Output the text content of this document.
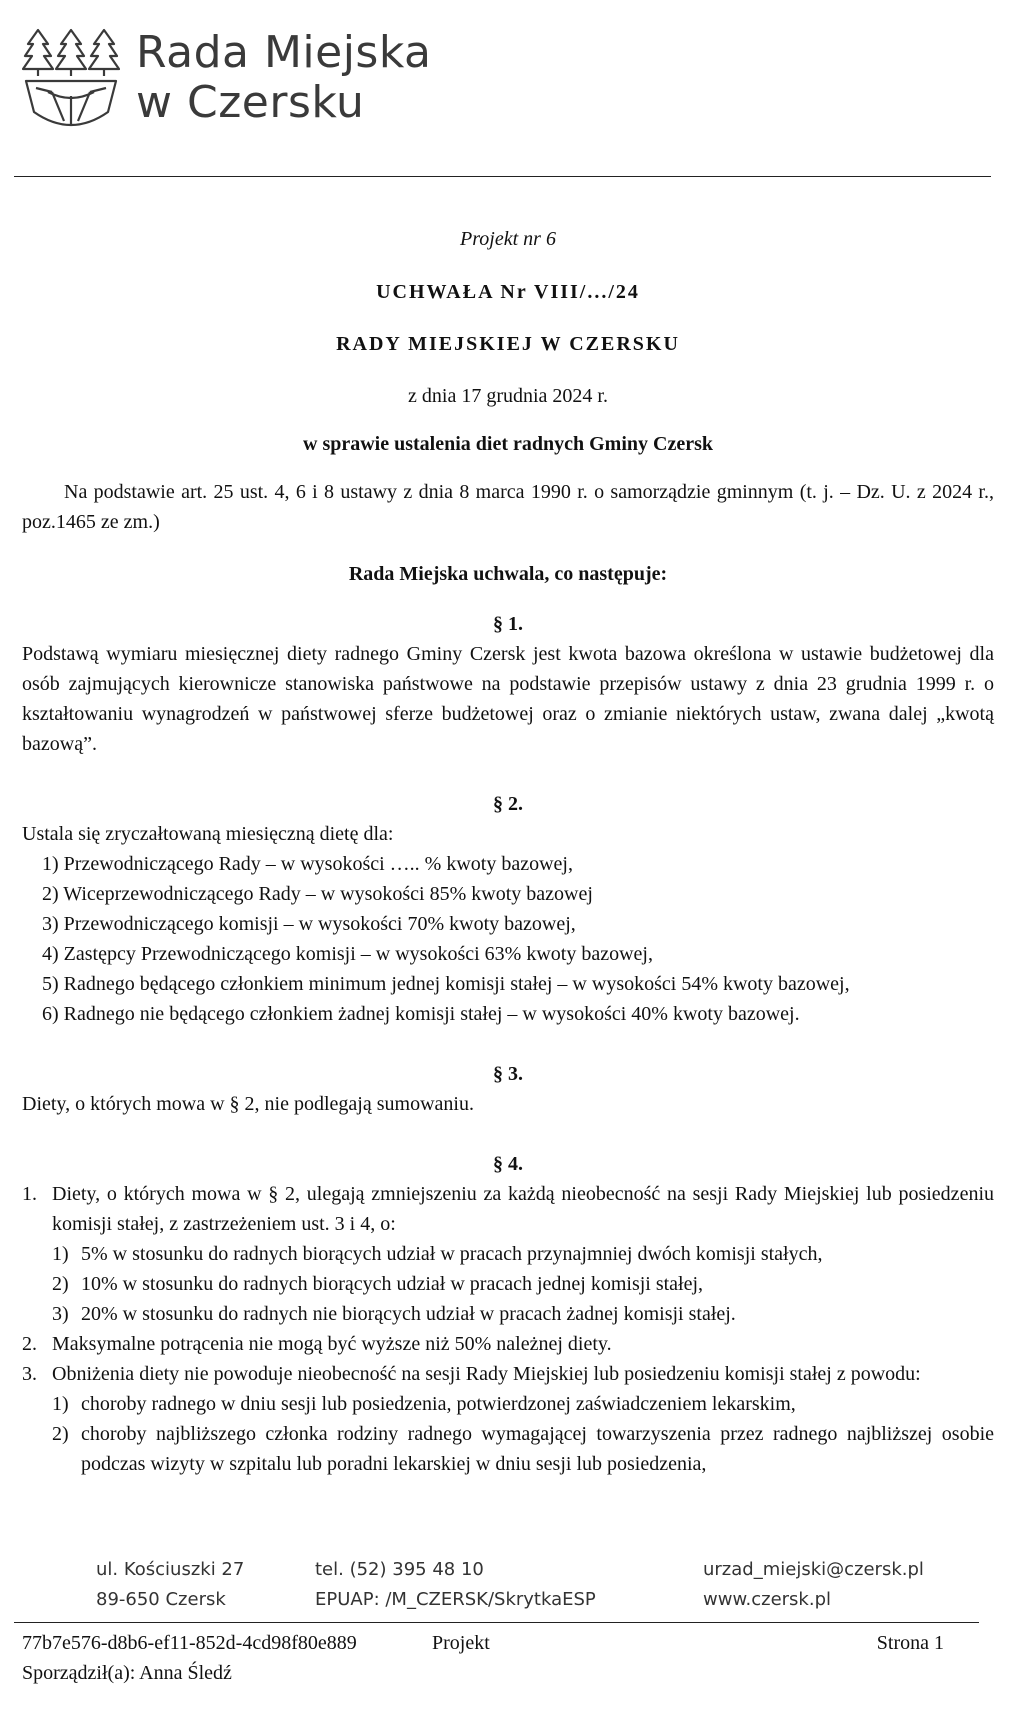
Rada Miejska
w Czersku

Projekt nr 6

UCHWAŁA Nr VIII/.../24

RADY MIEJSKIEJ W CZERSKU

z dnia 17 grudnia 2024 r.

w sprawie ustalenia diet radnych Gminy Czersk

Na podstawie art. 25 ust. 4, 6 i 8 ustawy z dnia 8 marca 1990 r. o samorządzie gminnym (t. j. – Dz. U. z 2024 r., poz.1465 ze zm.)

Rada Miejska uchwala, co następuje:

§ 1.

Podstawą wymiaru miesięcznej diety radnego Gminy Czersk jest kwota bazowa określona w ustawie budżetowej dla osób zajmujących kierownicze stanowiska państwowe na podstawie przepisów ustawy z dnia 23 grudnia 1999 r. o kształtowaniu wynagrodzeń w państwowej sferze budżetowej oraz o zmianie niektórych ustaw, zwana dalej „kwotą bazową”.

§ 2.

Ustala się zryczałtowaną miesięczną dietę dla:

1) Przewodniczącego Rady – w wysokości ….. % kwoty bazowej,
2) Wiceprzewodniczącego Rady – w wysokości 85% kwoty bazowej
3) Przewodniczącego komisji – w wysokości 70% kwoty bazowej,
4) Zastępcy Przewodniczącego komisji – w wysokości 63% kwoty bazowej,
5) Radnego będącego członkiem minimum jednej komisji stałej – w wysokości 54% kwoty bazowej,
6) Radnego nie będącego członkiem żadnej komisji stałej – w wysokości 40% kwoty bazowej.

§ 3.

Diety, o których mowa w § 2, nie podlegają sumowaniu.

§ 4.

1. Diety, o których mowa w § 2, ulegają zmniejszeniu za każdą nieobecność na sesji Rady Miejskiej lub posiedzeniu komisji stałej, z zastrzeżeniem ust. 3 i 4, o:
1) 5% w stosunku do radnych biorących udział w pracach przynajmniej dwóch komisji stałych,
2) 10% w stosunku do radnych biorących udział w pracach jednej komisji stałej,
3) 20% w stosunku do radnych nie biorących udział w pracach żadnej komisji stałej.
2. Maksymalne potrącenia nie mogą być wyższe niż 50% należnej diety.
3. Obniżenia diety nie powoduje nieobecność na sesji Rady Miejskiej lub posiedzeniu komisji stałej z powodu:
1) choroby radnego w dniu sesji lub posiedzenia, potwierdzonej zaświadczeniem lekarskim,
2) choroby najbliższego członka rodziny radnego wymagającej towarzyszenia przez radnego najbliższej osobie podczas wizyty w szpitalu lub poradni lekarskiej w dniu sesji lub posiedzenia,
ul. Kościuszki 27
89-650 Czersk
tel. (52) 395 48 10
EPUAP: /M_CZERSK/SkrytkaESP
urzad_miejski@czersk.pl
www.czersk.pl
77b7e576-d8b6-ef11-852d-4cd98f80e889	Projekt	Strona 1
Sporządził(a): Anna Śledź
